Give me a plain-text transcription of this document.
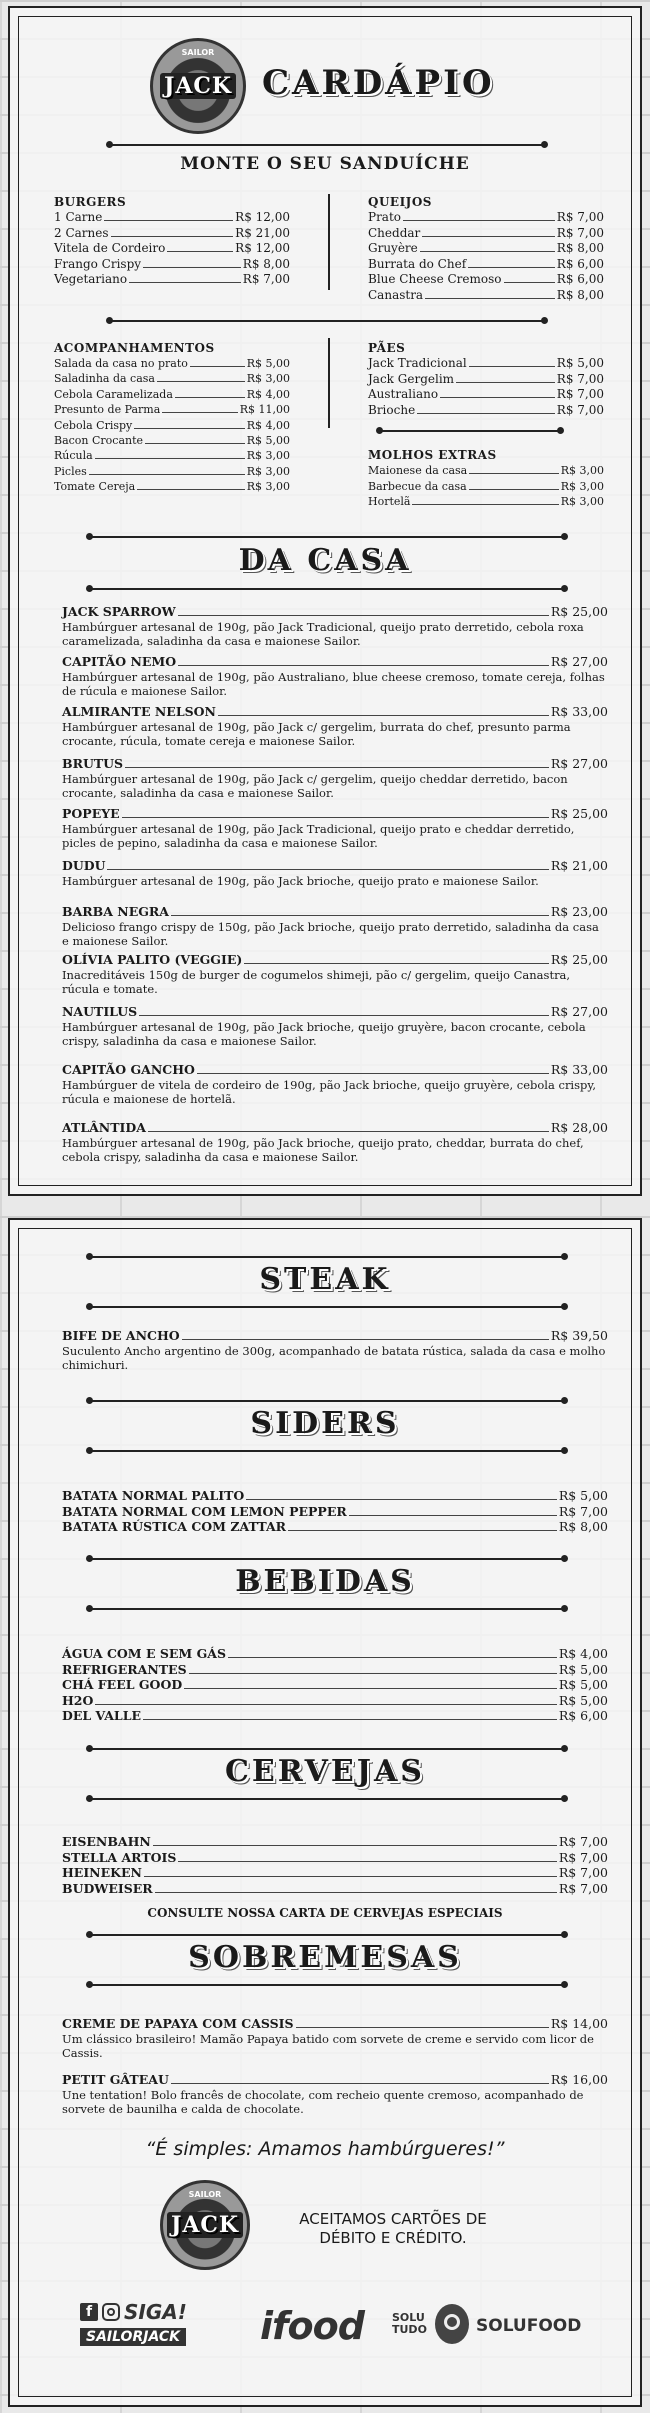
SAILOR
JACK CARDÁPIO
MONTE O SEU SANDUÍCHE
BURGERS
1 Carne	R$ 12,00
2 Carnes	R$ 21,00
Vitela de Cordeiro	R$ 12,00
Frango Crispy	R$ 8,00
Vegetariano	R$ 7,00
QUEIJOS
Prato	R$ 7,00
Cheddar	R$ 7,00
Gruyère	R$ 8,00
Burrata do Chef	R$ 6,00
Blue Cheese Cremoso	R$ 6,00
Canastra	R$ 8,00
ACOMPANHAMENTOS
Salada da casa no prato	R$ 5,00
Saladinha da casa	R$ 3,00
Cebola Caramelizada	R$ 4,00
Presunto de Parma	R$ 11,00
Cebola Crispy	R$ 4,00
Bacon Crocante	R$ 5,00
Rúcula	R$ 3,00
Picles	R$ 3,00
Tomate Cereja	R$ 3,00
PÃES
Jack Tradicional	R$ 5,00
Jack Gergelim	R$ 7,00
Australiano	R$ 7,00
Brioche	R$ 7,00
MOLHOS EXTRAS
Maionese da casa	R$ 3,00
Barbecue da casa	R$ 3,00
Hortelã	R$ 3,00
DA CASA
JACK SPARROW	R$ 25,00
Hambúrguer artesanal de 190g, pão Jack Tradicional, queijo prato derretido, cebola roxa caramelizada, saladinha da casa e maionese Sailor.
CAPITÃO NEMO	R$ 27,00
Hambúrguer artesanal de 190g, pão Australiano, blue cheese cremoso, tomate cereja, folhas de rúcula e maionese Sailor.
ALMIRANTE NELSON	R$ 33,00
Hambúrguer artesanal de 190g, pão Jack c/ gergelim, burrata do chef, presunto parma crocante, rúcula, tomate cereja e maionese Sailor.
BRUTUS	R$ 27,00
Hambúrguer artesanal de 190g, pão Jack c/ gergelim, queijo cheddar derretido, bacon crocante, saladinha da casa e maionese Sailor.
POPEYE	R$ 25,00
Hambúrguer artesanal de 190g, pão Jack Tradicional, queijo prato e cheddar derretido, picles de pepino, saladinha da casa e maionese Sailor.
DUDU	R$ 21,00
Hambúrguer artesanal de 190g, pão Jack brioche, queijo prato e maionese Sailor.
BARBA NEGRA	R$ 23,00
Delicioso frango crispy de 150g, pão Jack brioche, queijo prato derretido, saladinha da casa e maionese Sailor.
OLÍVIA PALITO (VEGGIE)	R$ 25,00
Inacreditáveis 150g de burger de cogumelos shimeji, pão c/ gergelim, queijo Canastra, rúcula e tomate.
NAUTILUS	R$ 27,00
Hambúrguer artesanal de 190g, pão Jack brioche, queijo gruyère, bacon crocante, cebola crispy, saladinha da casa e maionese Sailor.
CAPITÃO GANCHO	R$ 33,00
Hambúrguer de vitela de cordeiro de 190g, pão Jack brioche, queijo gruyère, cebola crispy, rúcula e maionese de hortelã.
ATLÂNTIDA	R$ 28,00
Hambúrguer artesanal de 190g, pão Jack brioche, queijo prato, cheddar, burrata do chef, cebola crispy, saladinha da casa e maionese Sailor.
STEAK
BIFE DE ANCHO	R$ 39,50
Suculento Ancho argentino de 300g, acompanhado de batata rústica, salada da casa e molho chimichuri.
SIDERS
BATATA NORMAL PALITO	R$ 5,00
BATATA NORMAL COM LEMON PEPPER	R$ 7,00
BATATA RÚSTICA COM ZATTAR	R$ 8,00
BEBIDAS
ÁGUA COM E SEM GÁS	R$ 4,00
REFRIGERANTES	R$ 5,00
CHÁ FEEL GOOD	R$ 5,00
H2O	R$ 5,00
DEL VALLE	R$ 6,00
CERVEJAS
EISENBAHN	R$ 7,00
STELLA ARTOIS	R$ 7,00
HEINEKEN	R$ 7,00
BUDWEISER	R$ 7,00
CONSULTE NOSSA CARTA DE CERVEJAS ESPECIAIS
SOBREMESAS
CREME DE PAPAYA COM CASSIS	R$ 14,00
Um clássico brasileiro! Mamão Papaya batido com sorvete de creme e servido com licor de Cassis.
PETIT GÂTEAU	R$ 16,00
Une tentation! Bolo francês de chocolate, com recheio quente cremoso, acompanhado de sorvete de baunilha e calda de chocolate.
“É simples: Amamos hambúrgueres!”
SAILOR
JACK	ACEITAMOS CARTÕES DE
DÉBITO E CRÉDITO.
f SIGA!
SAILORJACK	ifood	SOLU TUDO	SOLUFOOD
